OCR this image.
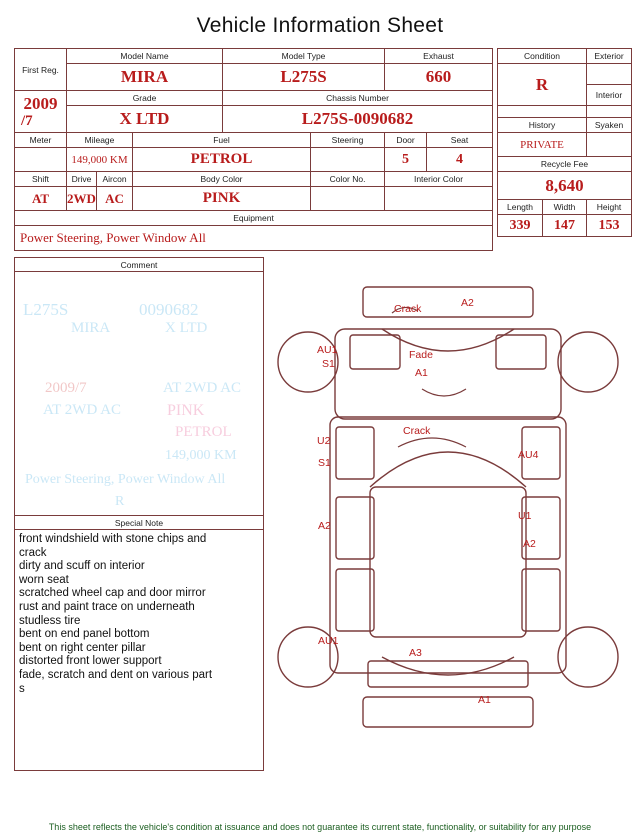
Vehicle Information Sheet
First Reg.	Model Name			Model Type		Exhaust	
	MIRA			L275S		660	

2009
/7	Grade			Chassis Number			
	X LTD			L275S-0090682			
Meter	Mileage		Fuel		Steering	Door	Seat
	149,000 KM		PETROL			5	4
Shift	Drive	Aircon	Body Color		Color No.	Interior Color	
AT	2WD	AC	PINK				
Equipment							
Power Steering, Power Window All							
Condition		Exterior
R		
		Interior

History		Syaken
PRIVATE		
Recycle Fee		
8,640		
Length	Width	Height
339	147	153
Comment
L275S	0090682
MIRA	X LTD
2009/7	AT 2WD AC
AT 2WD AC	PINK
PETROL
149,000 KM
Power Steering, Power Window All
R
Special Note
front windshield with stone chips and
crack
dirty and scuff on interior
worn seat
scratched wheel cap and door mirror
rust and paint trace on underneath
studless tire
bent on end panel bottom
bent on right center pillar
distorted front lower support
fade, scratch and dent on various part
s
Crack	A2
AU1
S1
Fade
A1
Crack
U2
S1
AU4
A2
U1
A2
AU1
A3
A1
This sheet reflects the vehicle's condition at issuance and does not guarantee its current state, functionality, or suitability for any purpose
